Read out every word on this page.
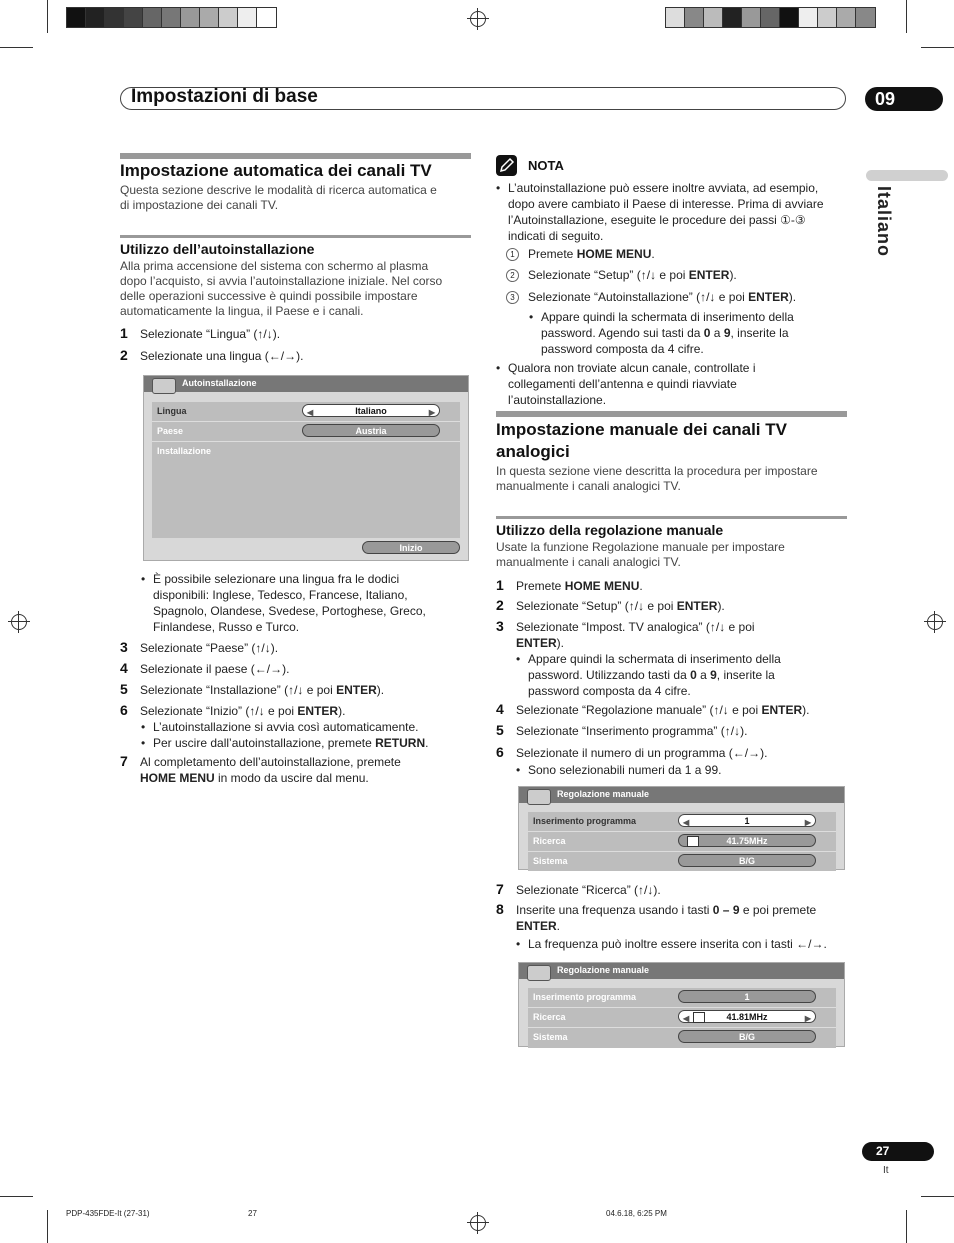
Impostazioni di base	09
Italiano
Impostazione automatica dei canali TV
Questa sezione descrive le modalità di ricerca automatica e
di impostazione dei canali TV.
Utilizzo dell’autoinstallazione
Alla prima accensione del sistema con schermo al plasma
dopo l’acquisto, si avvia l’autoinstallazione iniziale. Nel corso
delle operazioni successive è quindi possibile impostare
automaticamente la lingua, il Paese e i canali.
1 Selezionate “Lingua” (↑/↓).
2 Selezionate una lingua (←/→).
Autoinstallazione
Lingua	◀	Italiano	▶
Paese	Austria
Installazione
Inizio
• È possibile selezionare una lingua fra le dodici
disponibili: Inglese, Tedesco, Francese, Italiano,
Spagnolo, Olandese, Svedese, Portoghese, Greco,
Finlandese, Russo e Turco.
3 Selezionate “Paese” (↑/↓).
4 Selezionate il paese (←/→).
5 Selezionate “Installazione” (↑/↓ e poi ENTER).
6 Selezionate “Inizio” (↑/↓ e poi ENTER).
• L’autoinstallazione si avvia così automaticamente.
• Per uscire dall’autoinstallazione, premete RETURN.
7 Al completamento dell’autoinstallazione, premete
HOME MENU in modo da uscire dal menu.
NOTA
• L’autoinstallazione può essere inoltre avviata, ad esempio,
dopo avere cambiato il Paese di interesse. Prima di avviare
l’Autoinstallazione, eseguite le procedure dei passi ①-③
indicati di seguito.
1	Premete HOME MENU.
2	Selezionate “Setup” (↑/↓ e poi ENTER).
3	Selezionate “Autoinstallazione” (↑/↓ e poi ENTER).
• Appare quindi la schermata di inserimento della
password. Agendo sui tasti da 0 a 9, inserite la
password composta da 4 cifre.
• Qualora non troviate alcun canale, controllate i
collegamenti dell’antenna e quindi riavviate
l’autoinstallazione.
Impostazione manuale dei canali TV
analogici
In questa sezione viene descritta la procedura per impostare
manualmente i canali analogici TV.
Utilizzo della regolazione manuale
Usate la funzione Regolazione manuale per impostare
manualmente i canali analogici TV.
1 Premete HOME MENU.
2 Selezionate “Setup” (↑/↓ e poi ENTER).
3 Selezionate “Impost. TV analogica” (↑/↓ e poi
ENTER).
• Appare quindi la schermata di inserimento della
password. Utilizzando tasti da 0 a 9, inserite la
password composta da 4 cifre.
4 Selezionate “Regolazione manuale” (↑/↓ e poi ENTER).
5 Selezionate “Inserimento programma” (↑/↓).
6 Selezionate il numero di un programma (←/→).
• Sono selezionabili numeri da 1 a 99.
Regolazione manuale
Inserimento programma	◀	1	▶
Ricerca	41.75MHz
Sistema	B/G
7 Selezionate “Ricerca” (↑/↓).
8 Inserite una frequenza usando i tasti 0 – 9 e poi premete
ENTER.
• La frequenza può inoltre essere inserita con i tasti ←/→.
Regolazione manuale
Inserimento programma	1
Ricerca	◀	41.81MHz	▶
Sistema	B/G
27
It
PDP-435FDE-It (27-31)	27	04.6.18, 6:25 PM
